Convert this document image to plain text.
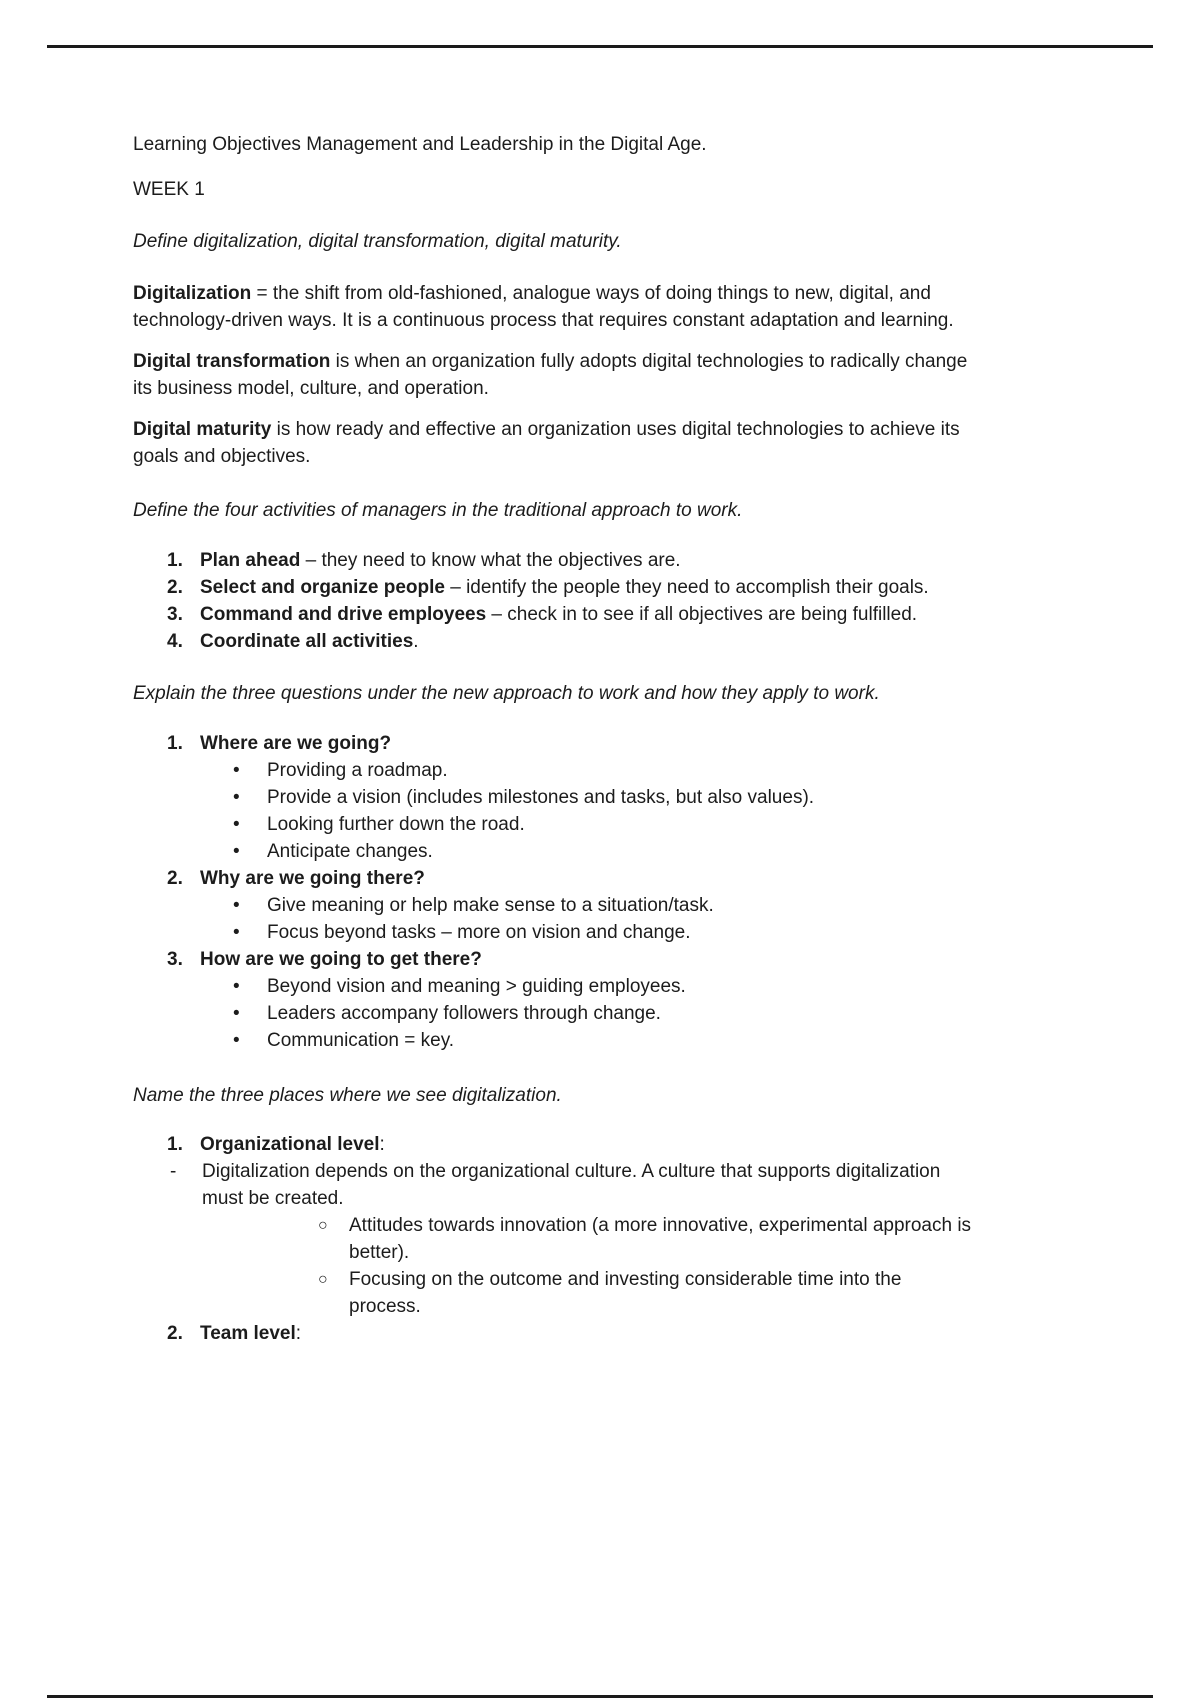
Learning Objectives Management and Leadership in the Digital Age.

WEEK 1

Define digitalization, digital transformation, digital maturity.

Digitalization = the shift from old-fashioned, analogue ways of doing things to new, digital, and technology-driven ways. It is a continuous process that requires constant adaptation and learning.

Digital transformation is when an organization fully adopts digital technologies to radically change its business model, culture, and operation.

Digital maturity is how ready and effective an organization uses digital technologies to achieve its goals and objectives.

Define the four activities of managers in the traditional approach to work.

1. Plan ahead – they need to know what the objectives are.
2. Select and organize people – identify the people they need to accomplish their goals.
3. Command and drive employees – check in to see if all objectives are being fulfilled.
4. Coordinate all activities.

Explain the three questions under the new approach to work and how they apply to work.

1. Where are we going?
•	Providing a roadmap.
•	Provide a vision (includes milestones and tasks, but also values).
•	Looking further down the road.
•	Anticipate changes.
2. Why are we going there?
•	Give meaning or help make sense to a situation/task.
•	Focus beyond tasks – more on vision and change.
3. How are we going to get there?
•	Beyond vision and meaning > guiding employees.
•	Leaders accompany followers through change.
•	Communication = key.

Name the three places where we see digitalization.

1. Organizational level:
-	Digitalization depends on the organizational culture. A culture that supports digitalization must be created.
○	Attitudes towards innovation (a more innovative, experimental approach is better).
○	Focusing on the outcome and investing considerable time into the process.
2. Team level:
